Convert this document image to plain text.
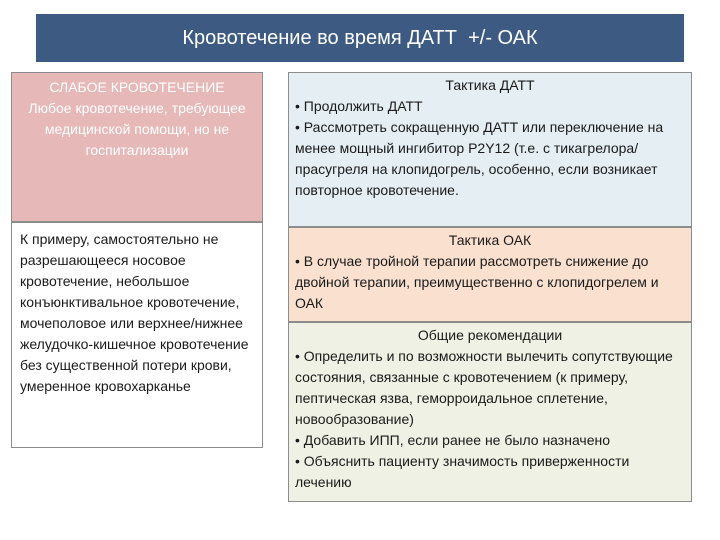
Кровотечение во время ДАТТ  +/- ОАК
СЛАБОЕ КРОВОТЕЧЕНИЕ
Любое кровотечение, требующее медицинской помощи, но не госпитализации
К примеру, самостоятельно не разрешающееся носовое кровотечение, небольшое конъюнктивальное кровотечение, мочеполовое или верхнее/нижнее желудочко-кишечное кровотечение без существенной потери крови, умеренное кровохарканье
Тактика ДАТТ
• Продолжить ДАТТ
• Рассмотреть сокращенную ДАТТ или переключение на менее мощный ингибитор P2Y12 (т.е. с тикагрелора/прасугреля на клопидогрель, особенно, если возникает повторное кровотечение.
Тактика ОАК
• В случае тройной терапии рассмотреть снижение до двойной терапии, преимущественно с клопидогрелем и ОАК
Общие рекомендации
• Определить и по возможности вылечить сопутствующие состояния, связанные с кровотечением (к примеру, пептическая язва, геморроидальное сплетение, новообразование)
• Добавить ИПП, если ранее не было назначено
• Объяснить пациенту значимость приверженности лечению
